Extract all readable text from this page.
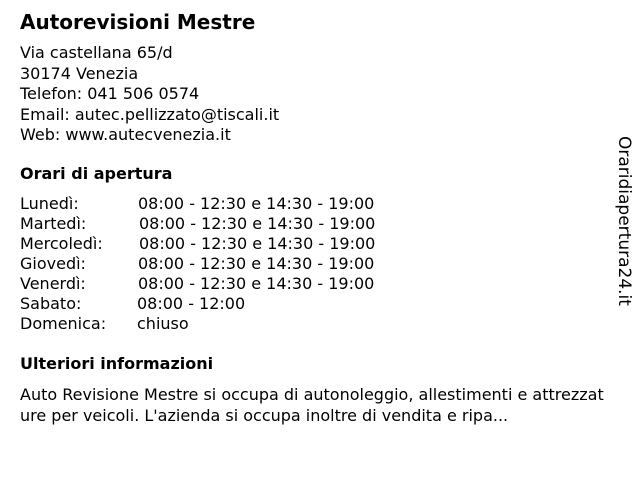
Autorevisioni Mestre
Via castellana 65/d
30174 Venezia
Telefon: 041 506 0574
Email: autec.pellizzato@tiscali.it
Web: www.autecvenezia.it
Orari di apertura
Lunedì:	08:00 - 12:30 e 14:30 - 19:00
Martedì:	08:00 - 12:30 e 14:30 - 19:00
Mercoledì: 08:00 - 12:30 e 14:30 - 19:00
Giovedì:	08:00 - 12:30 e 14:30 - 19:00
Venerdì:	08:00 - 12:30 e 14:30 - 19:00
Sabato:	08:00 - 12:00
Domenica: chiuso
Ulteriori informazioni
Auto Revisione Mestre si occupa di autonoleggio, allestimenti e attrezzature per veicoli. L'azienda si occupa inoltre di vendita e ripa...
Oraridiapertura24.it
